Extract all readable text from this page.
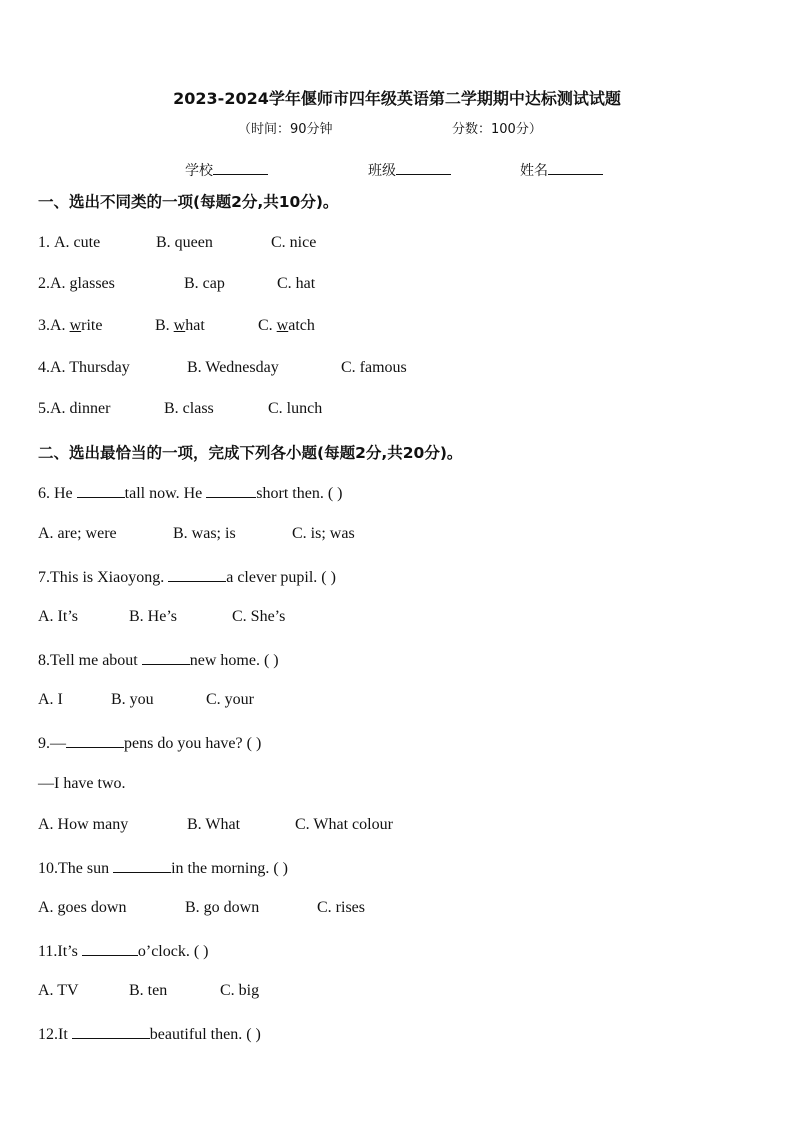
2023-2024学年偃师市四年级英语第二学期期中达标测试试题
（时间：90分钟	分数：100分）
学校	班级	姓名
一、选出不同类的一项(每题2分,共10分)。
1. A. cute	B. queen	C. nice
2.A. glasses	B. cap	C. hat
3.A. write	B. what	C. watch
4.A. Thursday	B. Wednesday	C. famous
5.A. dinner	B. class	C. lunch
二、选出最恰当的一项，完成下列各小题(每题2分,共20分)。
6. He	tall now. He	short then. ( )
A. are; were	B. was; is	C. is; was
7.This is Xiaoyong.	a clever pupil. ( )
A. It’s	B. He’s	C. She’s
8.Tell me about	new home. ( )
A. I	B. you	C. your
9.—	pens do you have? ( )
—I have two.
A. How many	B. What	C. What colour
10.The sun	in the morning. ( )
A. goes down	B. go down	C. rises
11.It’s	o’clock. ( )
A. TV	B. ten	C. big
12.It	beautiful then. ( )
